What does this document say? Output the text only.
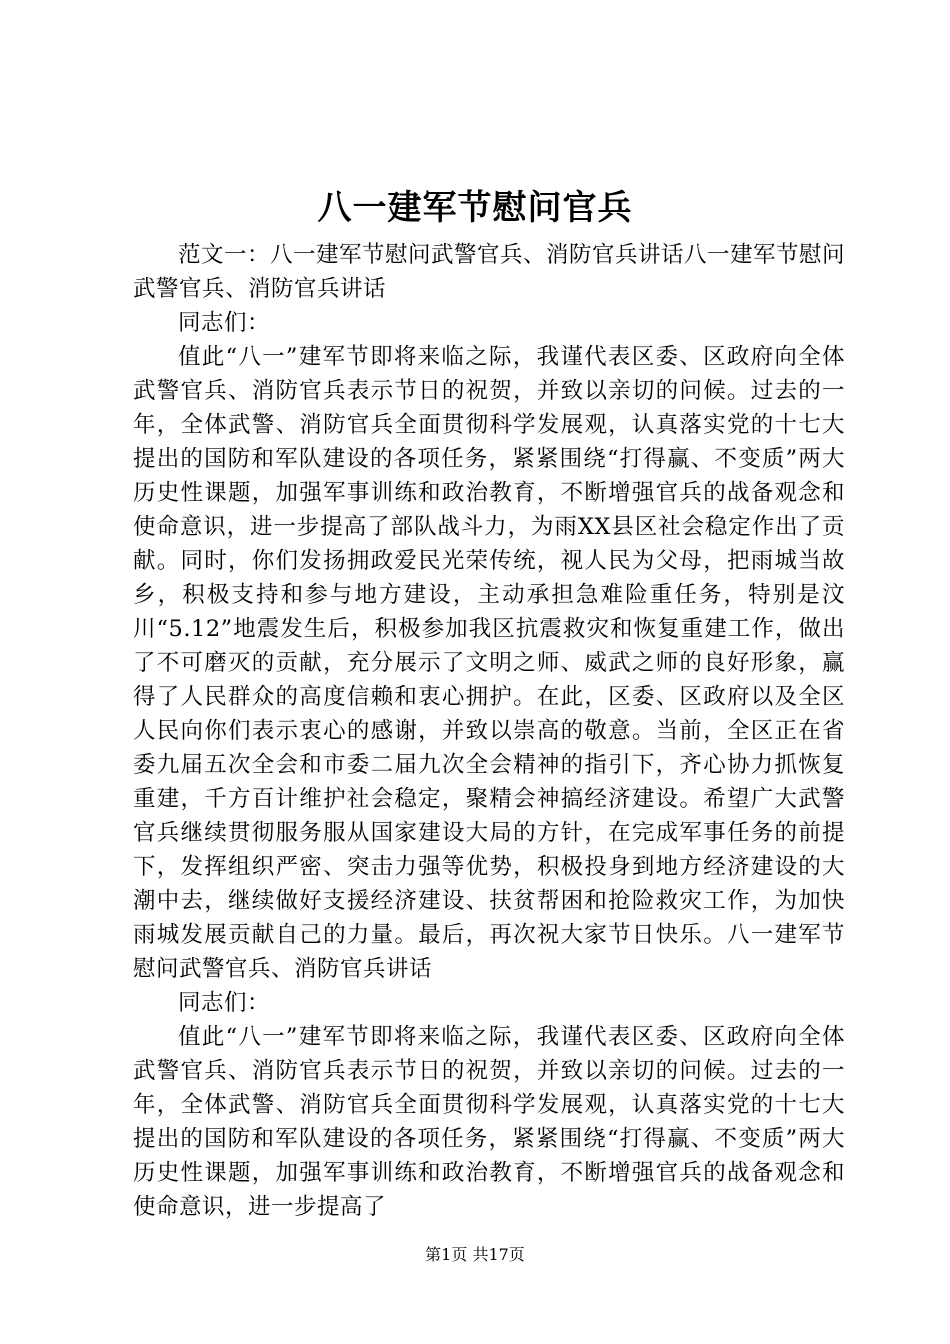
八一建军节慰问官兵

范文一：八一建军节慰问武警官兵、消防官兵讲话八一建军节慰问武警官兵、消防官兵讲话

同志们：

值此“八一”建军节即将来临之际，我谨代表区委、区政府向全体武警官兵、消防官兵表示节日的祝贺，并致以亲切的问候。过去的一年，全体武警、消防官兵全面贯彻科学发展观，认真落实党的十七大提出的国防和军队建设的各项任务，紧紧围绕“打得赢、不变质”两大历史性课题，加强军事训练和政治教育，不断增强官兵的战备观念和使命意识，进一步提高了部队战斗力，为雨XX县区社会稳定作出了贡献。同时，你们发扬拥政爱民光荣传统，视人民为父母，把雨城当故乡，积极支持和参与地方建设，主动承担急难险重任务，特别是汶川“5.12”地震发生后，积极参加我区抗震救灾和恢复重建工作，做出了不可磨灭的贡献，充分展示了文明之师、威武之师的良好形象，赢得了人民群众的高度信赖和衷心拥护。在此，区委、区政府以及全区人民向你们表示衷心的感谢，并致以崇高的敬意。当前，全区正在省委九届五次全会和市委二届九次全会精神的指引下，齐心协力抓恢复重建，千方百计维护社会稳定，聚精会神搞经济建设。希望广大武警官兵继续贯彻服务服从国家建设大局的方针，在完成军事任务的前提下，发挥组织严密、突击力强等优势，积极投身到地方经济建设的大潮中去，继续做好支援经济建设、扶贫帮困和抢险救灾工作，为加快雨城发展贡献自己的力量。最后，再次祝大家节日快乐。八一建军节慰问武警官兵、消防官兵讲话

同志们：

值此“八一”建军节即将来临之际，我谨代表区委、区政府向全体武警官兵、消防官兵表示节日的祝贺，并致以亲切的问候。过去的一年，全体武警、消防官兵全面贯彻科学发展观，认真落实党的十七大提出的国防和军队建设的各项任务，紧紧围绕“打得赢、不变质”两大历史性课题，加强军事训练和政治教育，不断增强官兵的战备观念和使命意识，进一步提高了

第1页 共17页
